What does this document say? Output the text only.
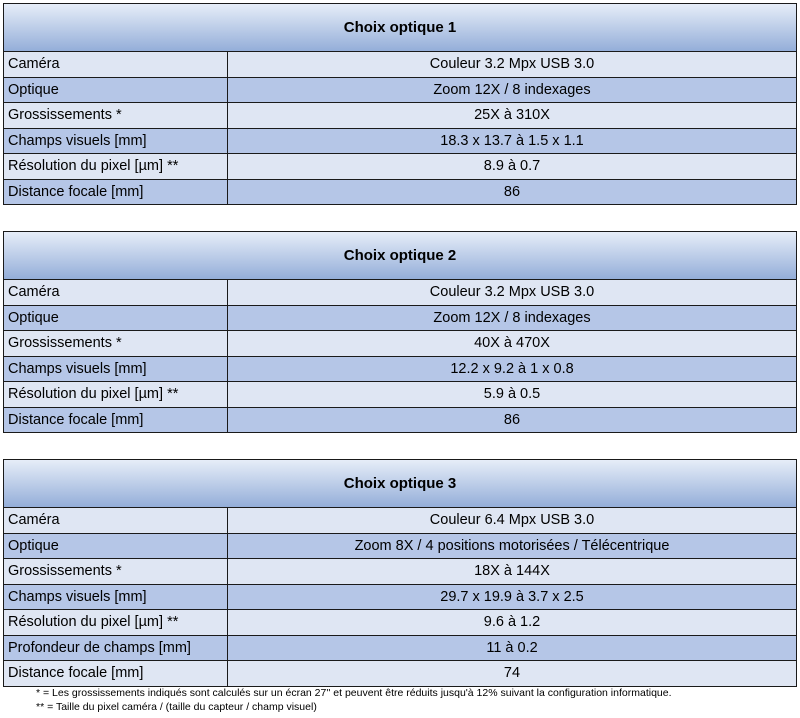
Choix optique 1
Caméra	Couleur 3.2 Mpx USB 3.0
Optique	Zoom 12X / 8 indexages
Grossissements *	25X à 310X
Champs visuels [mm]	18.3 x 13.7 à 1.5 x 1.1
Résolution du pixel [µm] **	8.9 à 0.7
Distance focale [mm]	86
Choix optique 2
Caméra	Couleur 3.2 Mpx USB 3.0
Optique	Zoom 12X / 8 indexages
Grossissements *	40X à 470X
Champs visuels [mm]	12.2 x 9.2 à 1 x 0.8
Résolution du pixel [µm] **	5.9 à 0.5
Distance focale [mm]	86
Choix optique 3
Caméra	Couleur 6.4 Mpx USB 3.0
Optique	Zoom 8X / 4 positions motorisées / Télécentrique
Grossissements *	18X à 144X
Champs visuels [mm]	29.7 x 19.9 à 3.7 x 2.5
Résolution du pixel [µm] **	9.6 à 1.2
Profondeur de champs [mm]	11 à 0.2
Distance focale [mm]	74
* = Les grossissements indiqués sont calculés sur un écran 27'' et peuvent être réduits jusqu'à 12% suivant la configuration informatique.
** = Taille du pixel caméra / (taille du capteur / champ visuel)
